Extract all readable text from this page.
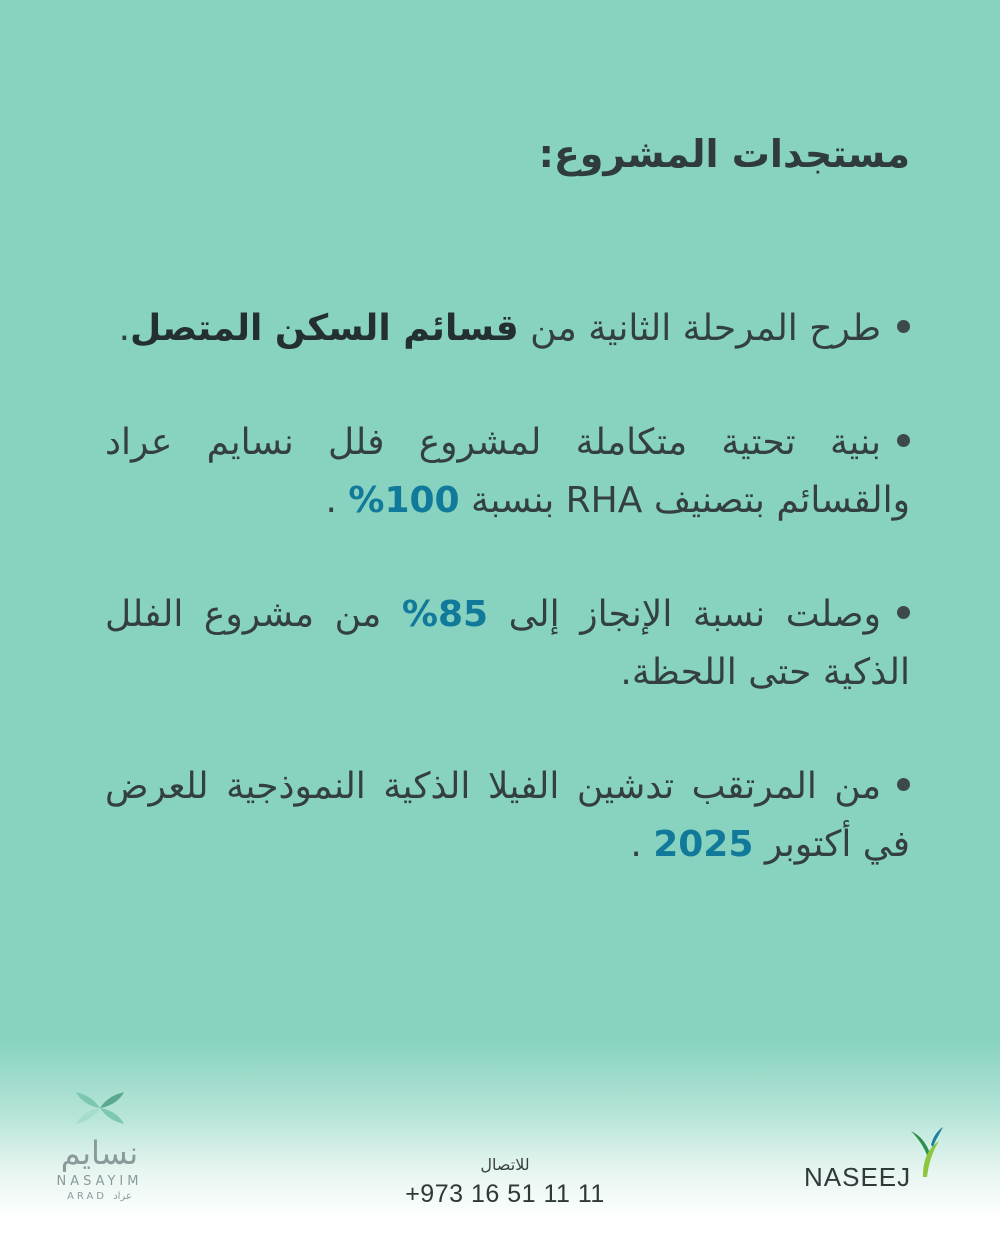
مستجدات المشروع:
طرح المرحلة الثانية من قسائم السكن المتصل.
بنية تحتية متكاملة لمشروع فلل نسايم عراد والقسائم بتصنيف RHA بنسبة 100% .
وصلت نسبة الإنجاز إلى 85% من مشروع الفلل الذكية حتى اللحظة.
من المرتقب تدشين الفيلا الذكية النموذجية للعرض في أكتوبر 2025 .
نسايم
NASAYIM
ARAD عراد
للاتصال
+973 16 51 11 11
NASEEJ
